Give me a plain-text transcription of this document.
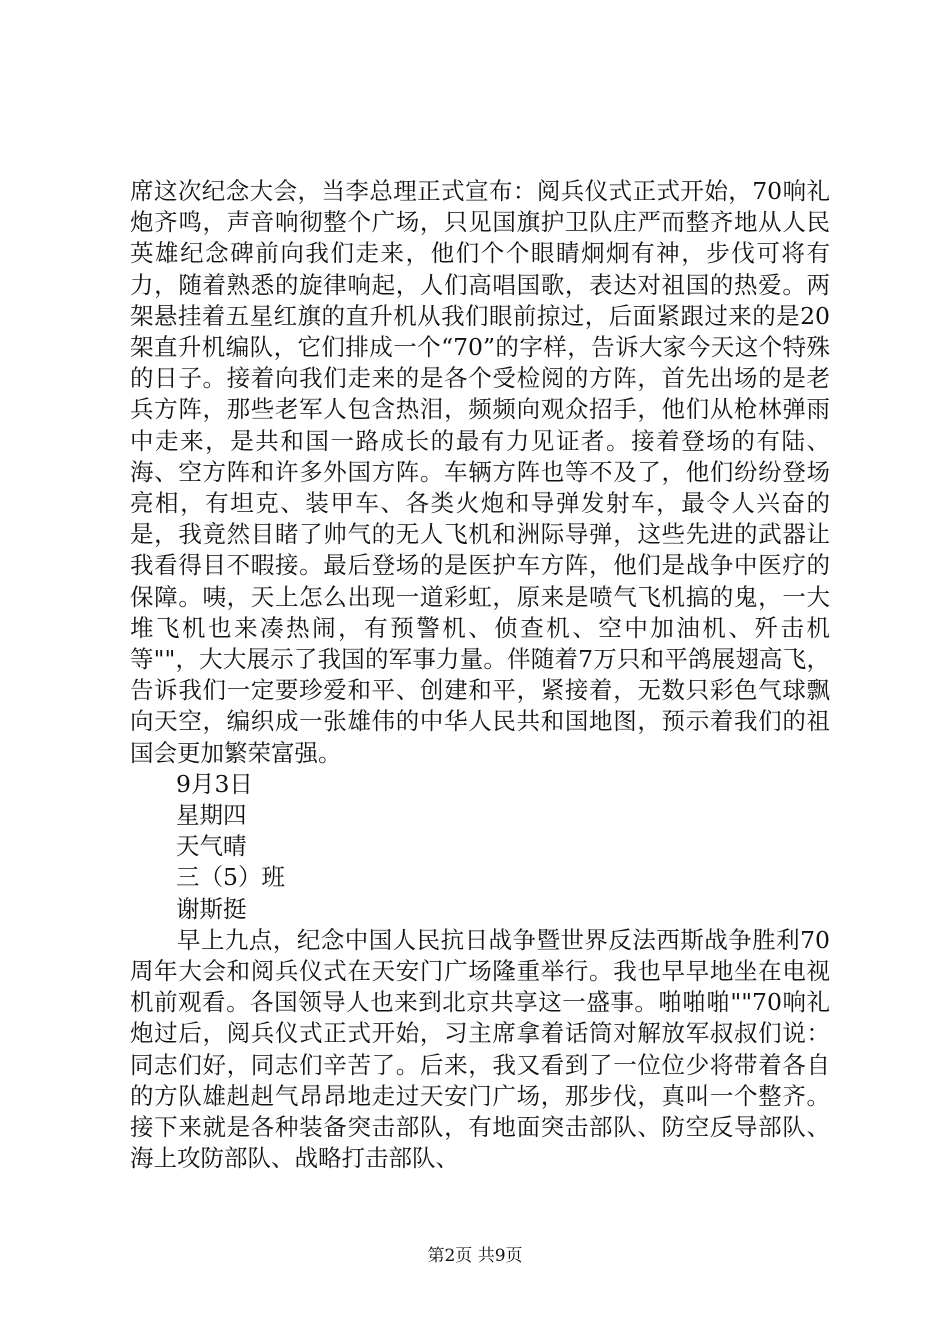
席这次纪念大会，当李总理正式宣布：阅兵仪式正式开始，70响礼炮齐鸣，声音响彻整个广场，只见国旗护卫队庄严而整齐地从人民英雄纪念碑前向我们走来，他们个个眼睛炯炯有神，步伐可将有力，随着熟悉的旋律响起，人们高唱国歌，表达对祖国的热爱。两架悬挂着五星红旗的直升机从我们眼前掠过，后面紧跟过来的是20架直升机编队，它们排成一个“70”的字样，告诉大家今天这个特殊的日子。接着向我们走来的是各个受检阅的方阵，首先出场的是老兵方阵，那些老军人包含热泪，频频向观众招手，他们从枪林弹雨中走来，是共和国一路成长的最有力见证者。接着登场的有陆、海、空方阵和许多外国方阵。车辆方阵也等不及了，他们纷纷登场亮相，有坦克、装甲车、各类火炮和导弹发射车，最令人兴奋的是，我竟然目睹了帅气的无人飞机和洲际导弹，这些先进的武器让我看得目不暇接。最后登场的是医护车方阵，他们是战争中医疗的保障。咦，天上怎么出现一道彩虹，原来是喷气飞机搞的鬼，一大堆飞机也来凑热闹，有预警机、侦查机、空中加油机、歼击机等""，大大展示了我国的军事力量。伴随着7万只和平鸽展翅高飞，告诉我们一定要珍爱和平、创建和平，紧接着，无数只彩色气球飘向天空，编织成一张雄伟的中华人民共和国地图，预示着我们的祖国会更加繁荣富强。

9月3日

星期四

天气晴

三（5）班

谢斯挺

早上九点，纪念中国人民抗日战争暨世界反法西斯战争胜利70周年大会和阅兵仪式在天安门广场隆重举行。我也早早地坐在电视机前观看。各国领导人也来到北京共享这一盛事。啪啪啪""70响礼炮过后，阅兵仪式正式开始，习主席拿着话筒对解放军叔叔们说：同志们好，同志们辛苦了。后来，我又看到了一位位少将带着各自的方队雄赳赳气昂昂地走过天安门广场，那步伐，真叫一个整齐。接下来就是各种装备突击部队，有地面突击部队、防空反导部队、海上攻防部队、战略打击部队、

第2页 共9页
